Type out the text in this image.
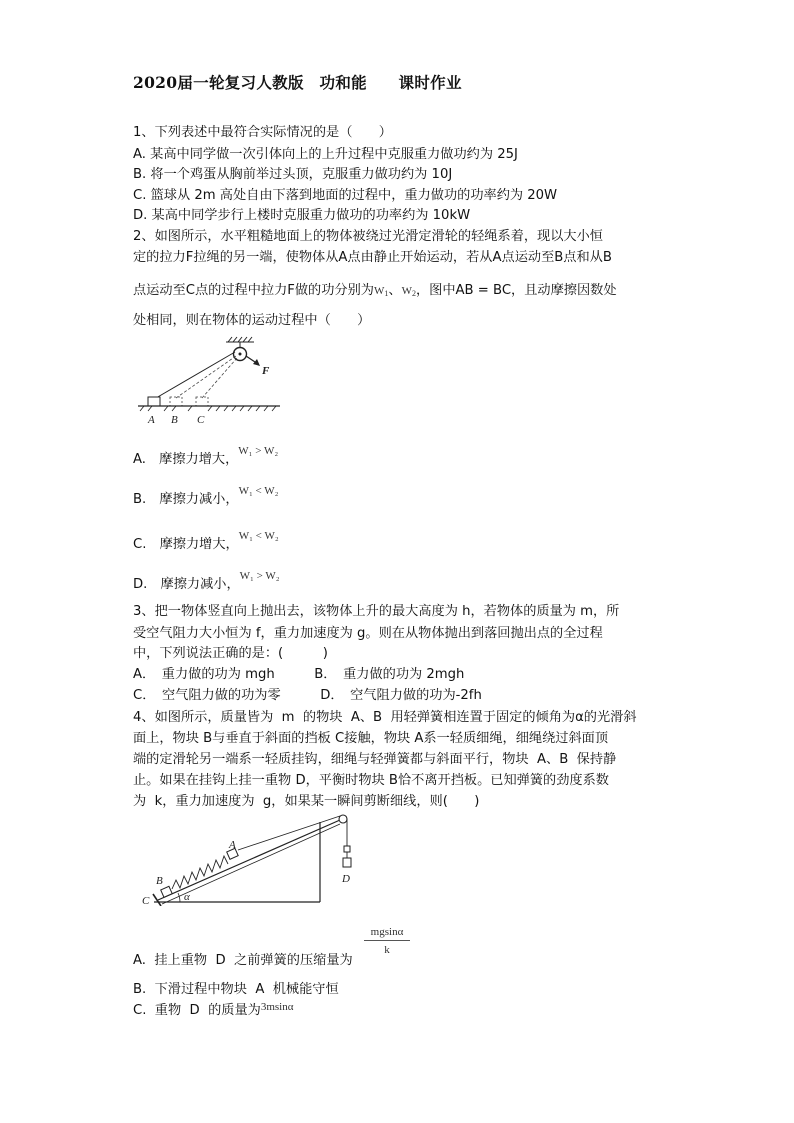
2020届一轮复习人教版　功和能　　课时作业
1、下列表述中最符合实际情况的是（　　）
A. 某高中同学做一次引体向上的上升过程中克服重力做功约为 25J
B. 将一个鸡蛋从胸前举过头顶，克服重力做功约为 10J
C. 篮球从 2m 高处自由下落到地面的过程中，重力做功的功率约为 20W
D. 某高中同学步行上楼时克服重力做功的功率约为 10kW
2、如图所示，水平粗糙地面上的物体被绕过光滑定滑轮的轻绳系着，现以大小恒
定的拉力F拉绳的另一端，使物体从A点由静止开始运动，若从A点运动至B点和从B
点运动至C点的过程中拉力F做的功分别为$W_1$、$W_2$，图中AB = BC，且动摩擦因数处
处相同，则在物体的运动过程中（　　）
F
A B C
A.　摩擦力增大，$^{W_1 > W_2}$
B.　摩擦力减小，$^{W_1 < W_2}$
C.　摩擦力增大，$^{W_1 < W_2}$
D.　摩擦力减小，$^{W_1 > W_2}$
3、把一物体竖直向上抛出去，该物体上升的最大高度为 h，若物体的质量为 m，所
受空气阻力大小恒为 f，重力加速度为 g。则在从物体抛出到落回抛出点的全过程
中，下列说法正确的是：(　　　)
A．　重力做的功为 mgh　　　B．　重力做的功为 2mgh
C．　空气阻力做的功为零　　　D．　空气阻力做的功为-2fh
4、如图所示，质量皆为  m  的物块  A、B  用轻弹簧相连置于固定的倾角为α的光滑斜
面上，物块 B与垂直于斜面的挡板 C接触，物块 A系一轻质细绳，细绳绕过斜面顶
端的定滑轮另一端系一轻质挂钩，细绳与轻弹簧都与斜面平行，物块  A、B  保持静
止。如果在挂钩上挂一重物 D，平衡时物块 B恰不离开挡板。已知弹簧的劲度系数
为  k，重力加速度为  g，如果某一瞬间剪断细线，则(　　)
α
C
B
A
D
A.  挂上重物  D  之前弹簧的压缩量为
$\frac{mgsin\alpha}{k}$
B.  下滑过程中物块  A  机械能守恒
C.  重物  D  的质量为$^{3msin\alpha}$
